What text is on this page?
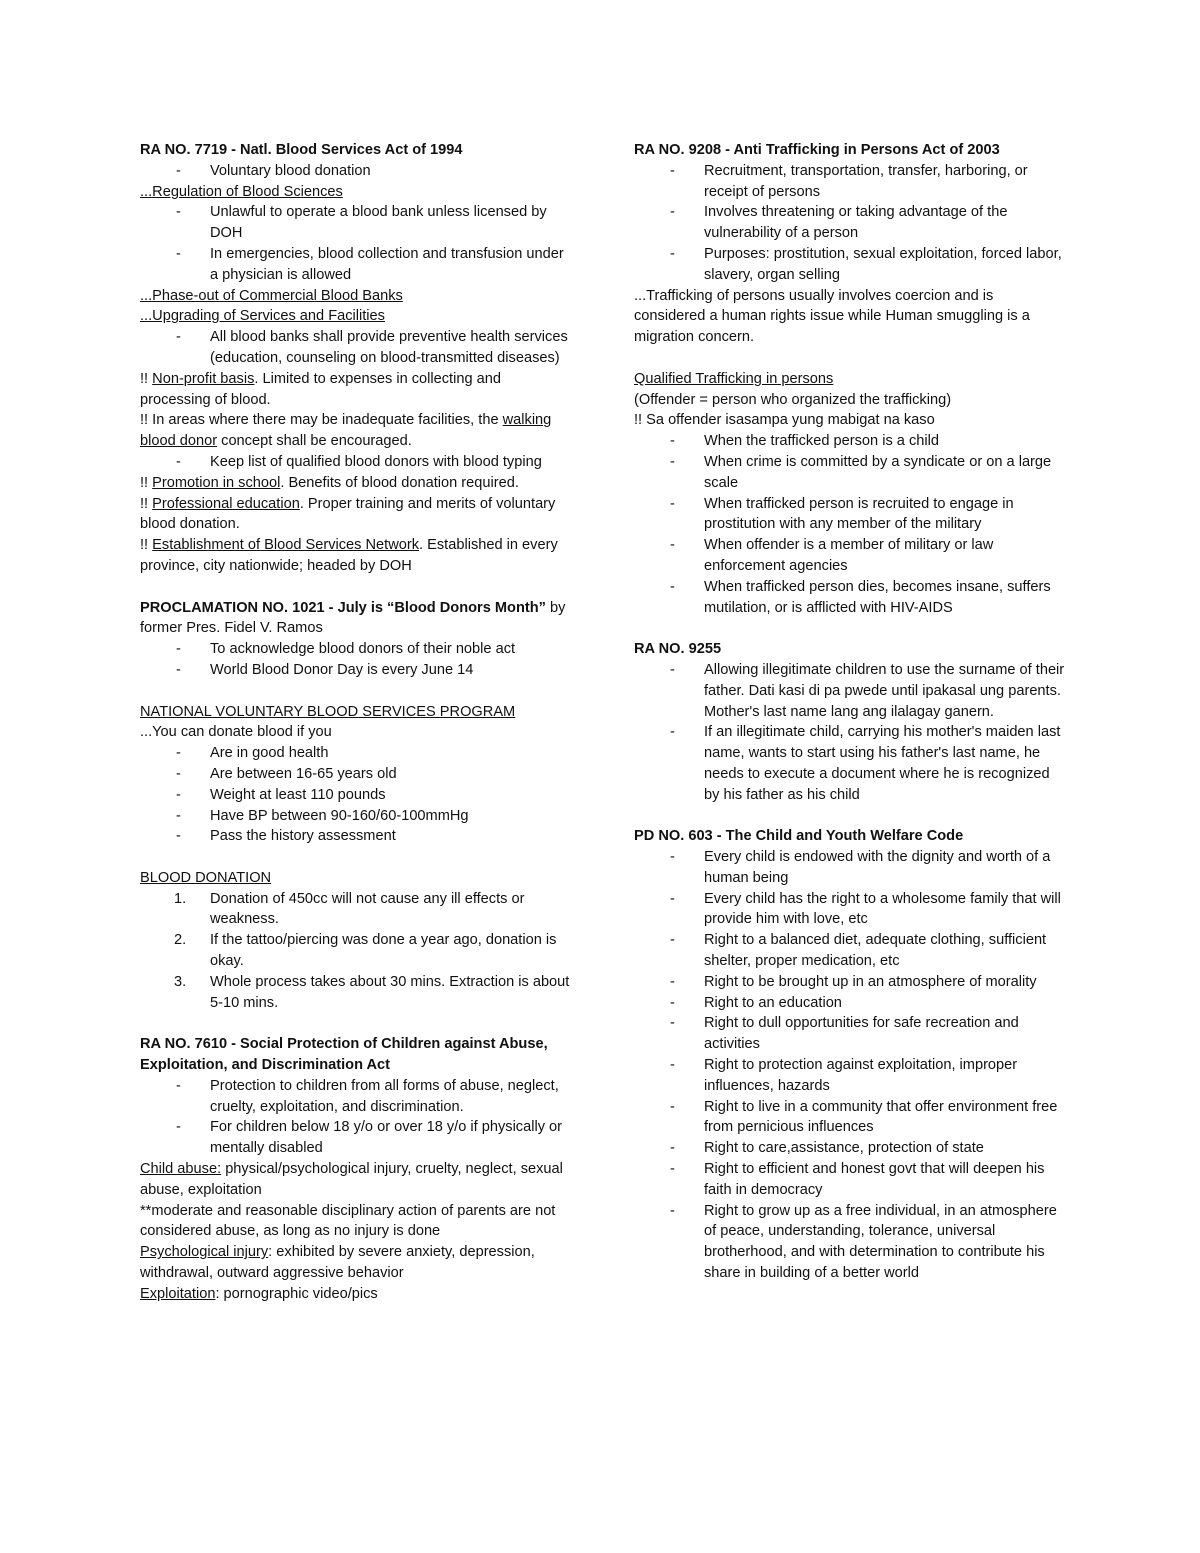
RA NO. 7719 - Natl. Blood Services Act of 1994

- Voluntary blood donation

...Regulation of Blood Sciences

- Unlawful to operate a blood bank unless licensed by DOH
- In emergencies, blood collection and transfusion under a physician is allowed

...Phase-out of Commercial Blood Banks

...Upgrading of Services and Facilities

- All blood banks shall provide preventive health services (education, counseling on blood-transmitted diseases)

!! Non-profit basis. Limited to expenses in collecting and processing of blood.

!! In areas where there may be inadequate facilities, the walking blood donor concept shall be encouraged.

- Keep list of qualified blood donors with blood typing

!! Promotion in school. Benefits of blood donation required.

!! Professional education. Proper training and merits of voluntary blood donation.

!! Establishment of Blood Services Network. Established in every province, city nationwide; headed by DOH

PROCLAMATION NO. 1021 - July is “Blood Donors Month” by former Pres. Fidel V. Ramos

- To acknowledge blood donors of their noble act
- World Blood Donor Day is every June 14

NATIONAL VOLUNTARY BLOOD SERVICES PROGRAM

...You can donate blood if you

- Are in good health
- Are between 16-65 years old
- Weight at least 110 pounds
- Have BP between 90-160/60-100mmHg
- Pass the history assessment

BLOOD DONATION

1. Donation of 450cc will not cause any ill effects or weakness.
2. If the tattoo/piercing was done a year ago, donation is okay.
3. Whole process takes about 30 mins. Extraction is about 5-10 mins.

RA NO. 7610 - Social Protection of Children against Abuse, Exploitation, and Discrimination Act

- Protection to children from all forms of abuse, neglect, cruelty, exploitation, and discrimination.
- For children below 18 y/o or over 18 y/o if physically or mentally disabled

Child abuse: physical/psychological injury, cruelty, neglect, sexual abuse, exploitation

**moderate and reasonable disciplinary action of parents are not considered abuse, as long as no injury is done

Psychological injury: exhibited by severe anxiety, depression, withdrawal, outward aggressive behavior

Exploitation: pornographic video/pics

RA NO. 9208 - Anti Trafficking in Persons Act of 2003

- Recruitment, transportation, transfer, harboring, or receipt of persons
- Involves threatening or taking advantage of the vulnerability of a person
- Purposes: prostitution, sexual exploitation, forced labor, slavery, organ selling

...Trafficking of persons usually involves coercion and is considered a human rights issue while Human smuggling is a migration concern.

Qualified Trafficking in persons

(Offender = person who organized the trafficking)

!! Sa offender isasampa yung mabigat na kaso

- When the trafficked person is a child
- When crime is committed by a syndicate or on a large scale
- When trafficked person is recruited to engage in prostitution with any member of the military
- When offender is a member of military or law enforcement agencies
- When trafficked person dies, becomes insane, suffers mutilation, or is afflicted with HIV-AIDS

RA NO. 9255

- Allowing illegitimate children to use the surname of their father. Dati kasi di pa pwede until ipakasal ung parents. Mother's last name lang ang ilalagay ganern.
- If an illegitimate child, carrying his mother's maiden last name, wants to start using his father's last name, he needs to execute a document where he is recognized by his father as his child

PD NO. 603 - The Child and Youth Welfare Code

- Every child is endowed with the dignity and worth of a human being
- Every child has the right to a wholesome family that will provide him with love, etc
- Right to a balanced diet, adequate clothing, sufficient shelter, proper medication, etc
- Right to be brought up in an atmosphere of morality
- Right to an education
- Right to dull opportunities for safe recreation and activities
- Right to protection against exploitation, improper influences, hazards
- Right to live in a community that offer environment free from pernicious influences
- Right to care,assistance, protection of state
- Right to efficient and honest govt that will deepen his faith in democracy
- Right to grow up as a free individual, in an atmosphere of peace, understanding, tolerance, universal brotherhood, and with determination to contribute his share in building of a better world
